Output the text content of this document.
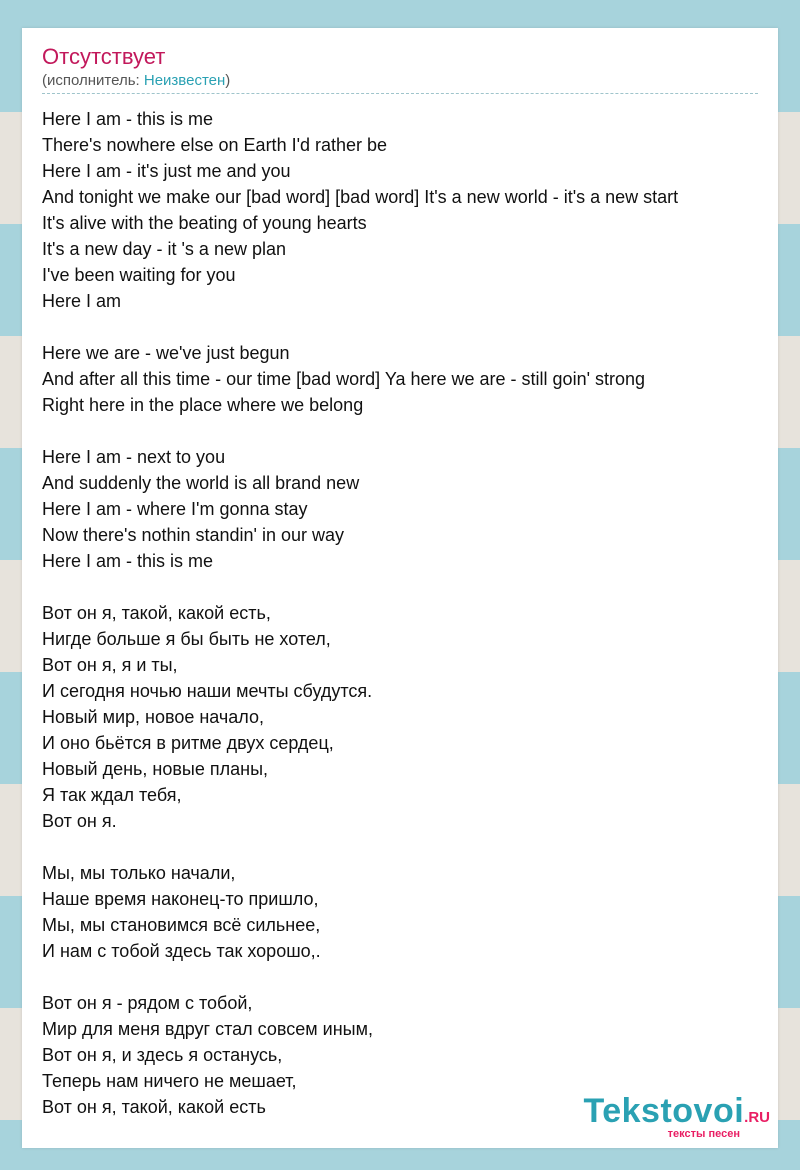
Отсутствует
(исполнитель: Неизвестен)
Here I am - this is me
There's nowhere else on Earth I'd rather be
Here I am - it's just me and you
And tonight we make our [bad word] [bad word] It's a new world - it's a new start
It's alive with the beating of young hearts
It's a new day - it 's a new plan
I've been waiting for you
Here I am
Here we are - we've just begun
And after all this time - our time [bad word] Ya here we are - still goin' strong
Right here in the place where we belong
Here I am - next to you
And suddenly the world is all brand new
Here I am - where I'm gonna stay
Now there's nothin standin' in our way
Here I am - this is me
Вот он я, такой, какой есть,
Нигде больше я бы быть не хотел,
Вот он я, я и ты,
И сегодня ночью наши мечты сбудутся.
Новый мир, новое начало,
И оно бьётся в ритме двух сердец,
Новый день, новые планы,
Я так ждал тебя,
Вот он я.
Мы, мы только начали,
Наше время наконец-то пришло,
Мы, мы становимся всё сильнее,
И нам с тобой здесь так хорошо,.
Вот он я - рядом с тобой,
Мир для меня вдруг стал совсем иным,
Вот он я, и здесь я останусь,
Теперь нам ничего не мешает,
Вот он я, такой, какой есть	Tekstovoi.RU
тексты песен
